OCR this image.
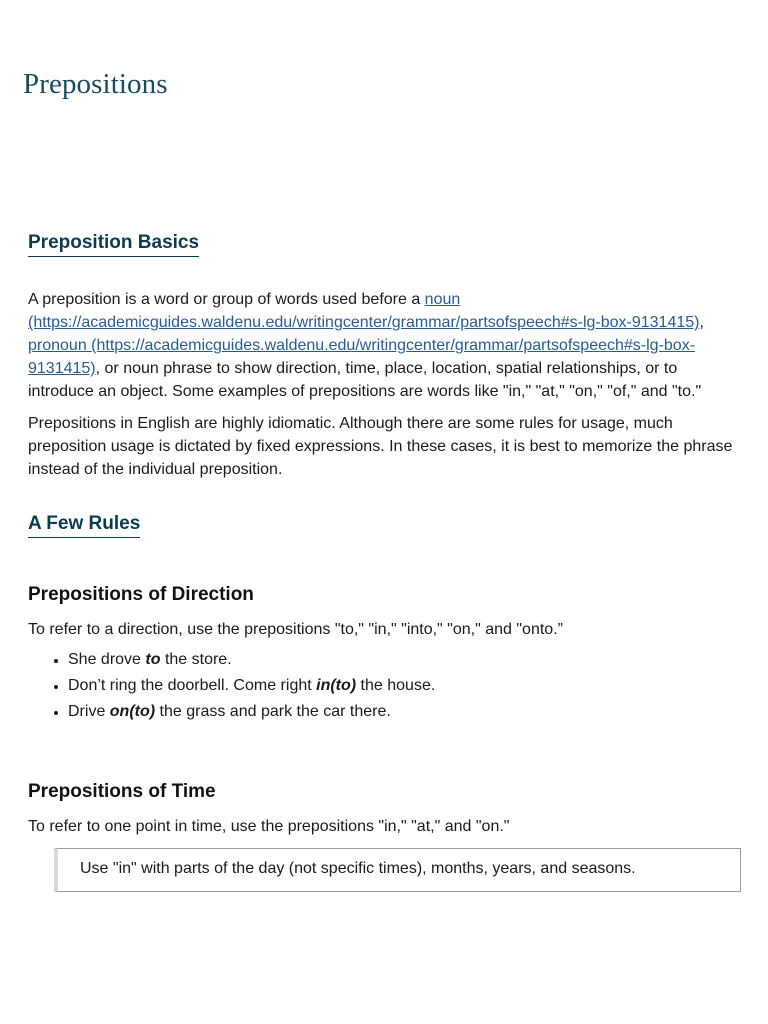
Prepositions
Preposition Basics

A preposition is a word or group of words used before a noun (https://academicguides.waldenu.edu/writingcenter/grammar/partsofspeech#s-lg-box-9131415), pronoun (https://academicguides.waldenu.edu/writingcenter/grammar/partsofspeech#s-lg-box-9131415), or noun phrase to show direction, time, place, location, spatial relationships, or to introduce an object. Some examples of prepositions are words like "in," "at," "on," "of," and "to."

Prepositions in English are highly idiomatic. Although there are some rules for usage, much preposition usage is dictated by fixed expressions. In these cases, it is best to memorize the phrase instead of the individual preposition.

A Few Rules
Prepositions of Direction

To refer to a direction, use the prepositions "to," "in," "into," "on," and "onto.”

• She drove to the store.
• Don’t ring the doorbell. Come right in(to) the house.
• Drive on(to) the grass and park the car there.
Prepositions of Time

To refer to one point in time, use the prepositions "in," "at," and "on."

Use "in" with parts of the day (not specific times), months, years, and seasons.
